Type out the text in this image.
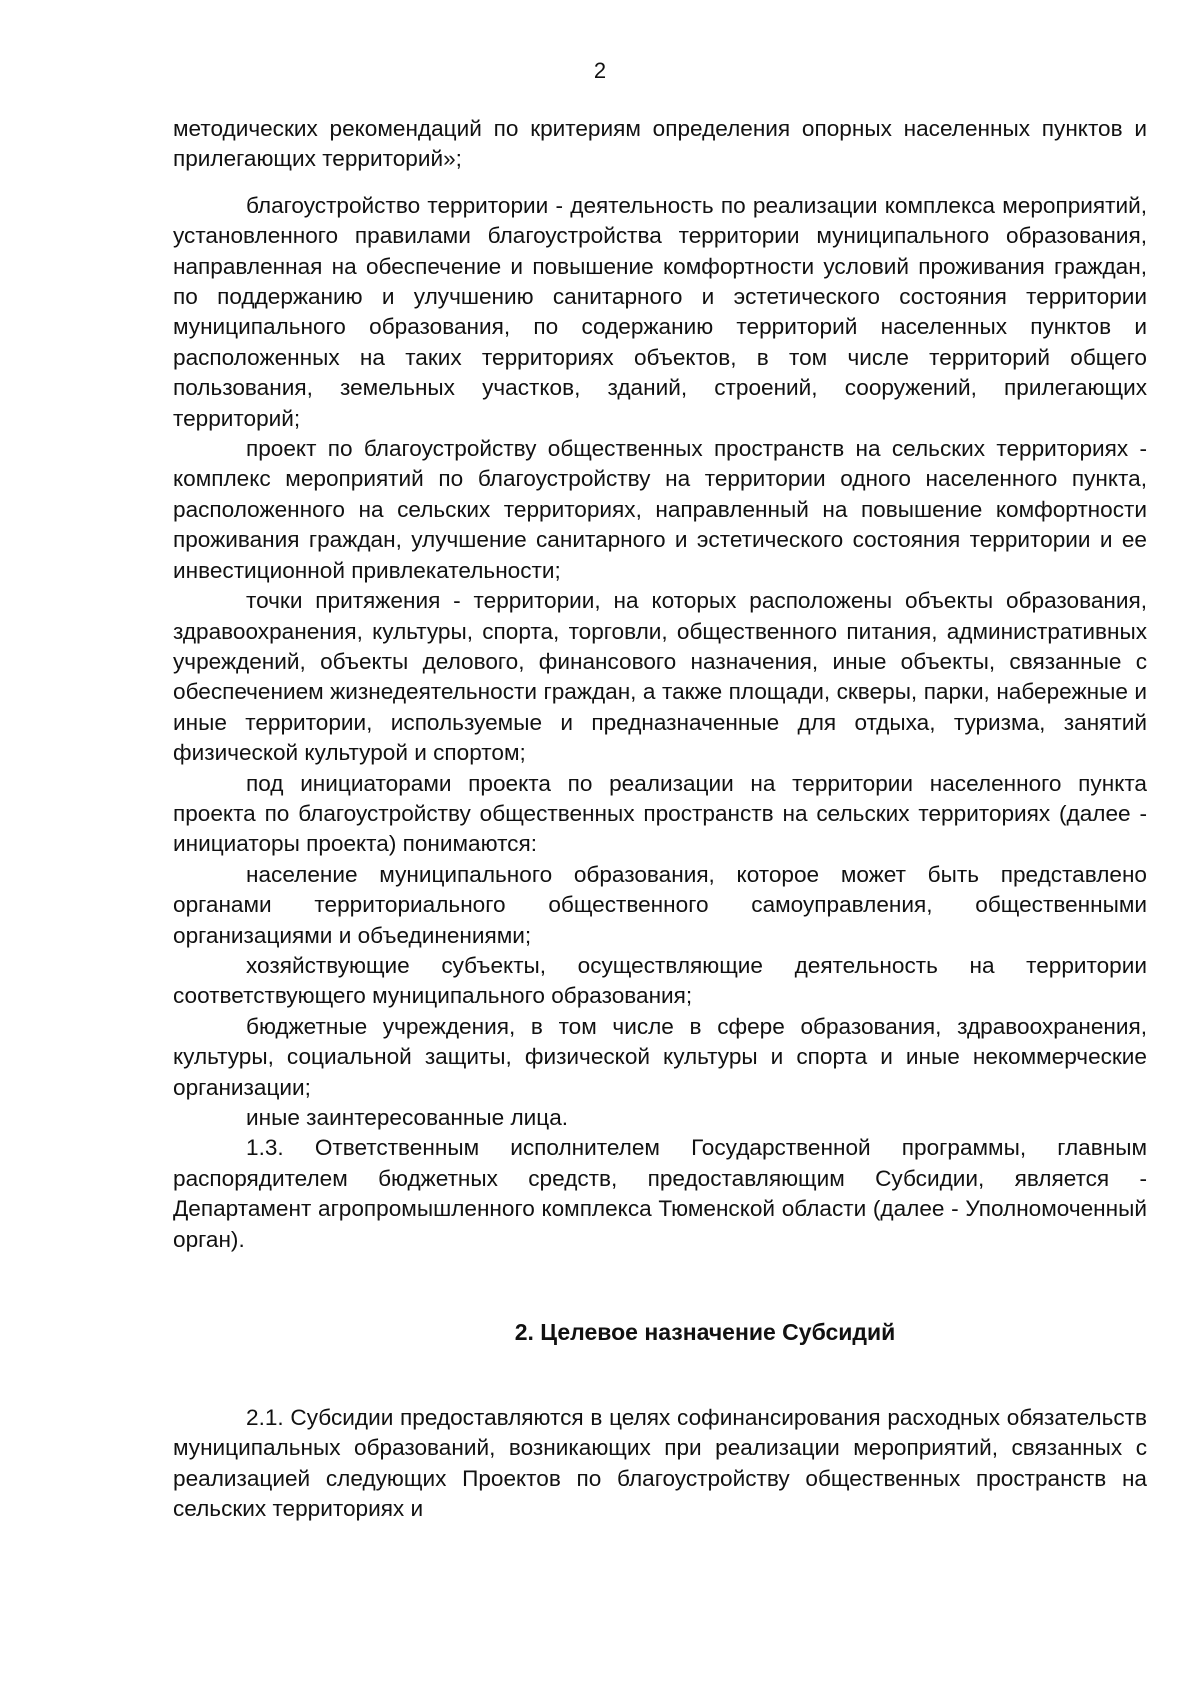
2

методических рекомендаций по критериям определения опорных населенных пунктов и прилегающих территорий»;

благоустройство территории - деятельность по реализации комплекса мероприятий, установленного правилами благоустройства территории муниципального образования, направленная на обеспечение и повышение комфортности условий проживания граждан, по поддержанию и улучшению санитарного и эстетического состояния территории муниципального образования, по содержанию территорий населенных пунктов и расположенных на таких территориях объектов, в том числе территорий общего пользования, земельных участков, зданий, строений, сооружений, прилегающих территорий;

проект по благоустройству общественных пространств на сельских территориях - комплекс мероприятий по благоустройству на территории одного населенного пункта, расположенного на сельских территориях, направленный на повышение комфортности проживания граждан, улучшение санитарного и эстетического состояния территории и ее инвестиционной привлекательности;

точки притяжения - территории, на которых расположены объекты образования, здравоохранения, культуры, спорта, торговли, общественного питания, административных учреждений, объекты делового, финансового назначения, иные объекты, связанные с обеспечением жизнедеятельности граждан, а также площади, скверы, парки, набережные и иные территории, используемые и предназначенные для отдыха, туризма, занятий физической культурой и спортом;

под инициаторами проекта по реализации на территории населенного пункта проекта по благоустройству общественных пространств на сельских территориях (далее - инициаторы проекта) понимаются:

население муниципального образования, которое может быть представлено органами территориального общественного самоуправления, общественными организациями и объединениями;

хозяйствующие субъекты, осуществляющие деятельность на территории соответствующего муниципального образования;

бюджетные учреждения, в том числе в сфере образования, здравоохранения, культуры, социальной защиты, физической культуры и спорта и иные некоммерческие организации;

иные заинтересованные лица.

1.3. Ответственным исполнителем Государственной программы, главным распорядителем бюджетных средств, предоставляющим Субсидии, является - Департамент агропромышленного комплекса Тюменской области (далее - Уполномоченный орган).

2. Целевое назначение Субсидий

2.1. Субсидии предоставляются в целях софинансирования расходных обязательств муниципальных образований, возникающих при реализации мероприятий, связанных с реализацией следующих Проектов по благоустройству общественных пространств на сельских территориях и
